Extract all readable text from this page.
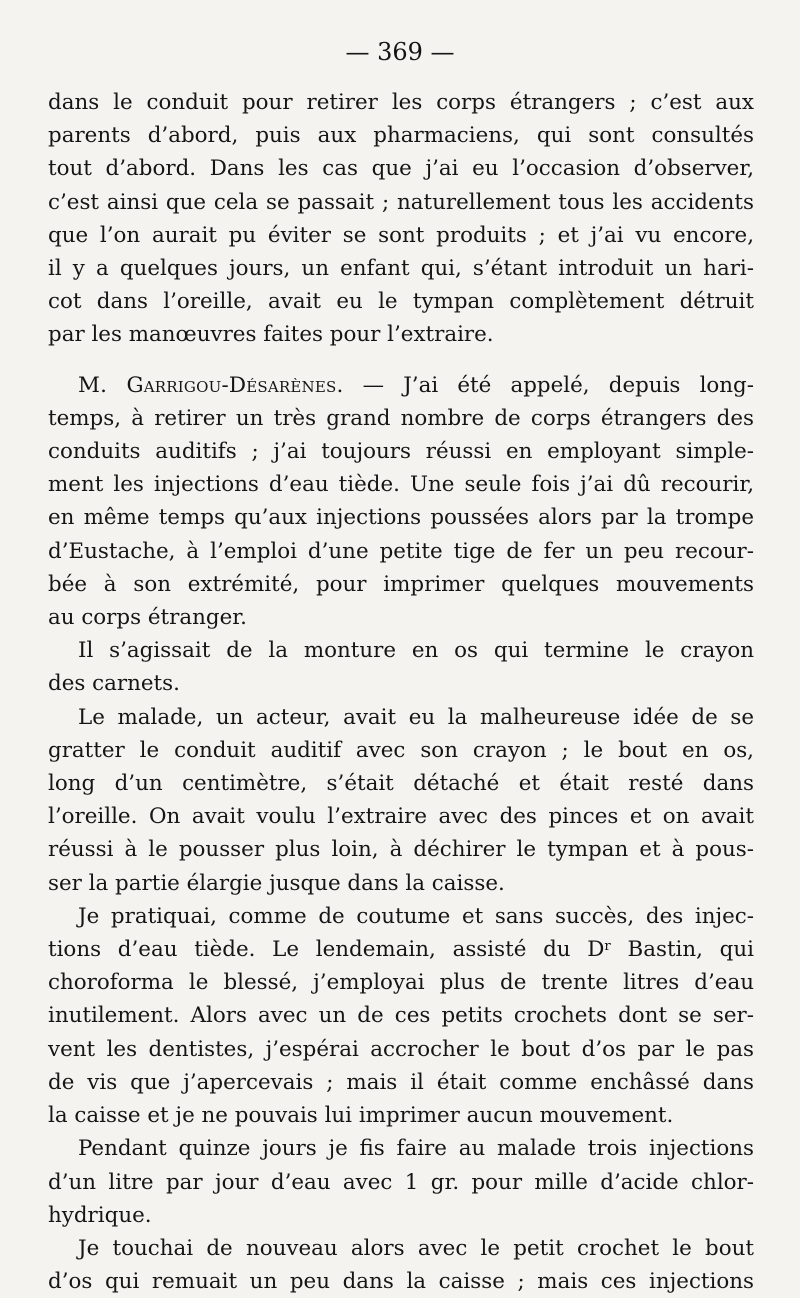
— 369 —

dans le conduit pour retirer les corps étrangers ; c’est aux
parents d’abord, puis aux pharmaciens, qui sont consultés
tout d’abord. Dans les cas que j’ai eu l’occasion d’observer,
c’est ainsi que cela se passait ; naturellement tous les accidents
que l’on aurait pu éviter se sont produits ; et j’ai vu encore,
il y a quelques jours, un enfant qui, s’étant introduit un hari-
cot dans l’oreille, avait eu le tympan complètement détruit
par les manœuvres faites pour l’extraire.

M. Garrigou-Désarènes. — J’ai été appelé, depuis long-
temps, à retirer un très grand nombre de corps étrangers des
conduits auditifs ; j’ai toujours réussi en employant simple-
ment les injections d’eau tiède. Une seule fois j’ai dû recourir,
en même temps qu’aux injections poussées alors par la trompe
d’Eustache, à l’emploi d’une petite tige de fer un peu recour-
bée à son extrémité, pour imprimer quelques mouvements
au corps étranger.

Il s’agissait de la monture en os qui termine le crayon
des carnets.

Le malade, un acteur, avait eu la malheureuse idée de se
gratter le conduit auditif avec son crayon ; le bout en os,
long d’un centimètre, s’était détaché et était resté dans
l’oreille. On avait voulu l’extraire avec des pinces et on avait
réussi à le pousser plus loin, à déchirer le tympan et à pous-
ser la partie élargie jusque dans la caisse.

Je pratiquai, comme de coutume et sans succès, des injec-
tions d’eau tiède. Le lendemain, assisté du $D^r$ Bastin, qui
choroforma le blessé, j’employai plus de trente litres d’eau
inutilement. Alors avec un de ces petits crochets dont se ser-
vent les dentistes, j’espérai accrocher le bout d’os par le pas
de vis que j’apercevais ; mais il était comme enchâssé dans
la caisse et je ne pouvais lui imprimer aucun mouvement.

Pendant quinze jours je fis faire au malade trois injections
d’un litre par jour d’eau avec 1 gr. pour mille d’acide chlor-
hydrique.

Je touchai de nouveau alors avec le petit crochet le bout
d’os qui remuait un peu dans la caisse ; mais ces injections
